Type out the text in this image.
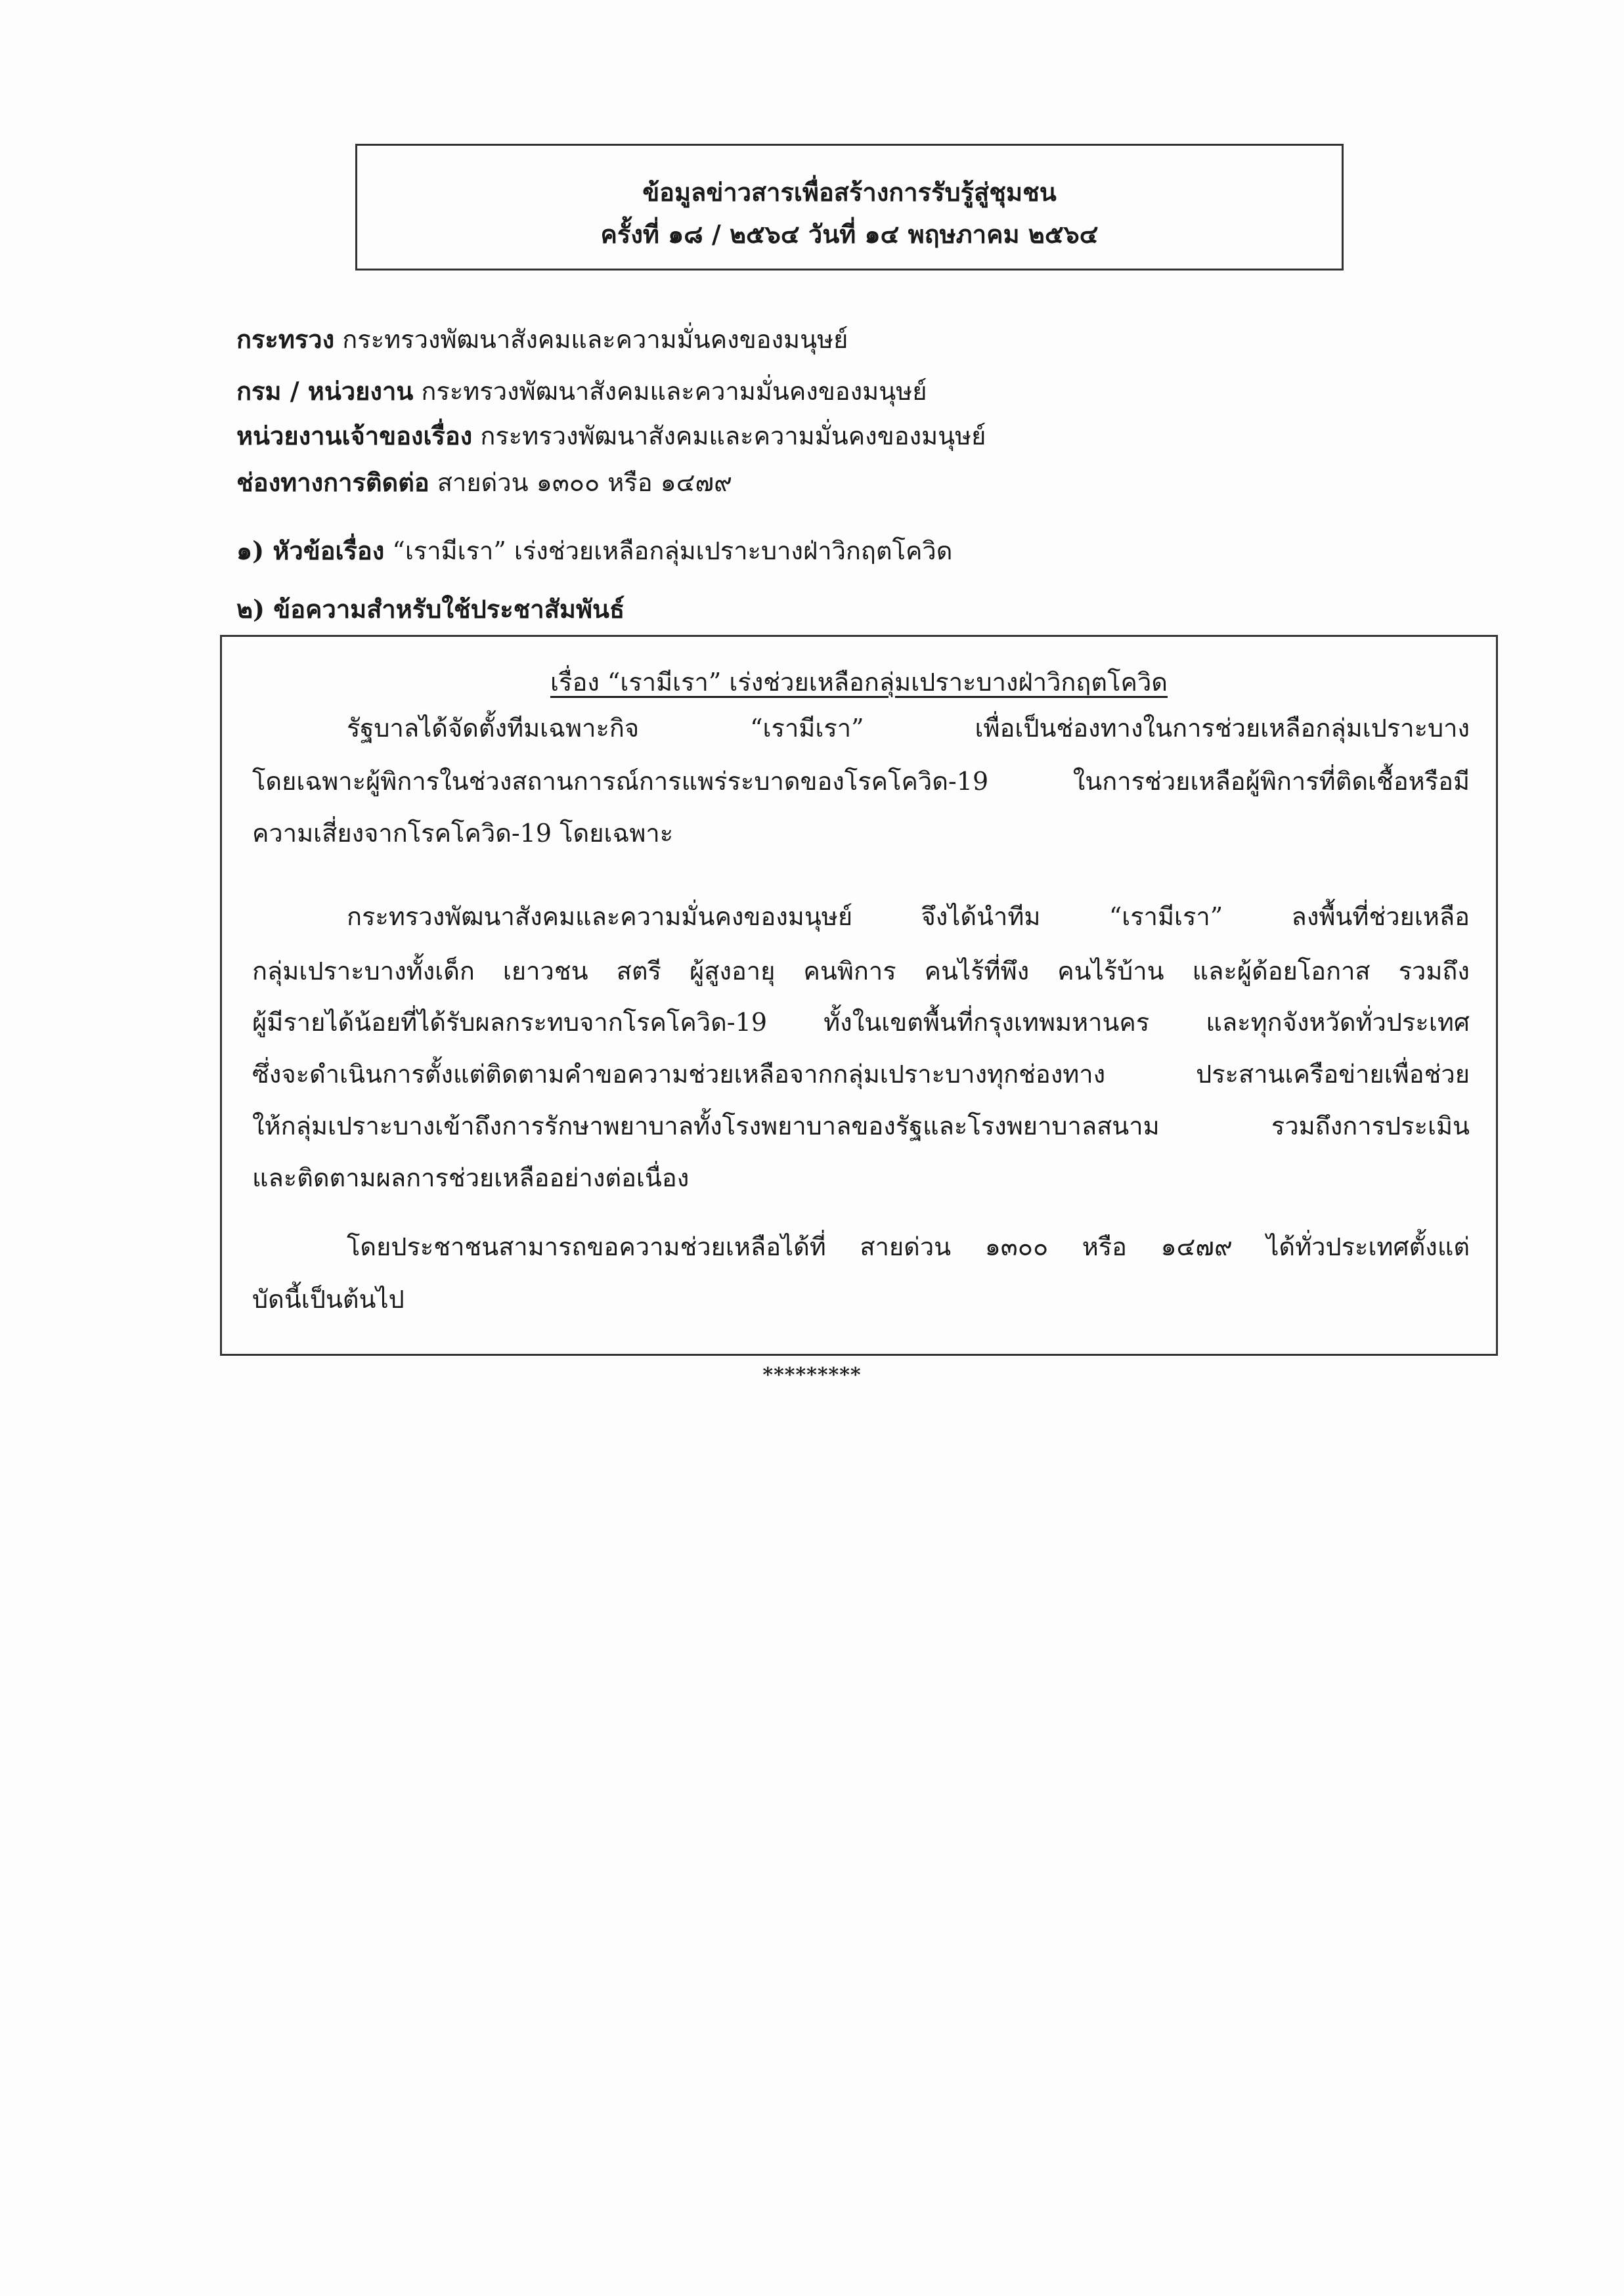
ข้อมูลข่าวสารเพื่อสร้างการรับรู้สู่ชุมชน
ครั้งที่ ๑๘ / ๒๕๖๔ วันที่ ๑๔ พฤษภาคม ๒๕๖๔
กระทรวง กระทรวงพัฒนาสังคมและความมั่นคงของมนุษย์
กรม / หน่วยงาน กระทรวงพัฒนาสังคมและความมั่นคงของมนุษย์
หน่วยงานเจ้าของเรื่อง กระทรวงพัฒนาสังคมและความมั่นคงของมนุษย์
ช่องทางการติดต่อ สายด่วน ๑๓๐๐ หรือ ๑๔๗๙
๑) หัวข้อเรื่อง “เรามีเรา” เร่งช่วยเหลือกลุ่มเปราะบางฝ่าวิกฤตโควิด
๒) ข้อความสำหรับใช้ประชาสัมพันธ์
เรื่อง “เรามีเรา” เร่งช่วยเหลือกลุ่มเปราะบางฝ่าวิกฤตโควิด
รัฐบาลได้จัดตั้งทีมเฉพาะกิจ “เรามีเรา” เพื่อเป็นช่องทางในการช่วยเหลือกลุ่มเปราะบาง
โดยเฉพาะผู้พิการในช่วงสถานการณ์การแพร่ระบาดของโรคโควิด-19 ในการช่วยเหลือผู้พิการที่ติดเชื้อหรือมี
ความเสี่ยงจากโรคโควิด-19 โดยเฉพาะ
กระทรวงพัฒนาสังคมและความมั่นคงของมนุษย์ จึงได้นำทีม “เรามีเรา” ลงพื้นที่ช่วยเหลือ
กลุ่มเปราะบางทั้งเด็ก เยาวชน สตรี ผู้สูงอายุ คนพิการ คนไร้ที่พึง คนไร้บ้าน และผู้ด้อยโอกาส รวมถึง
ผู้มีรายได้น้อยที่ได้รับผลกระทบจากโรคโควิด-19 ทั้งในเขตพื้นที่กรุงเทพมหานคร และทุกจังหวัดทั่วประเทศ
ซึ่งจะดำเนินการตั้งแต่ติดตามคำขอความช่วยเหลือจากกลุ่มเปราะบางทุกช่องทาง ประสานเครือข่ายเพื่อช่วย
ให้กลุ่มเปราะบางเข้าถึงการรักษาพยาบาลทั้งโรงพยาบาลของรัฐและโรงพยาบาลสนาม รวมถึงการประเมิน
และติดตามผลการช่วยเหลืออย่างต่อเนื่อง
โดยประชาชนสามารถขอความช่วยเหลือได้ที่ สายด่วน ๑๓๐๐ หรือ ๑๔๗๙ ได้ทั่วประเทศตั้งแต่
บัดนี้เป็นต้นไป
*********
